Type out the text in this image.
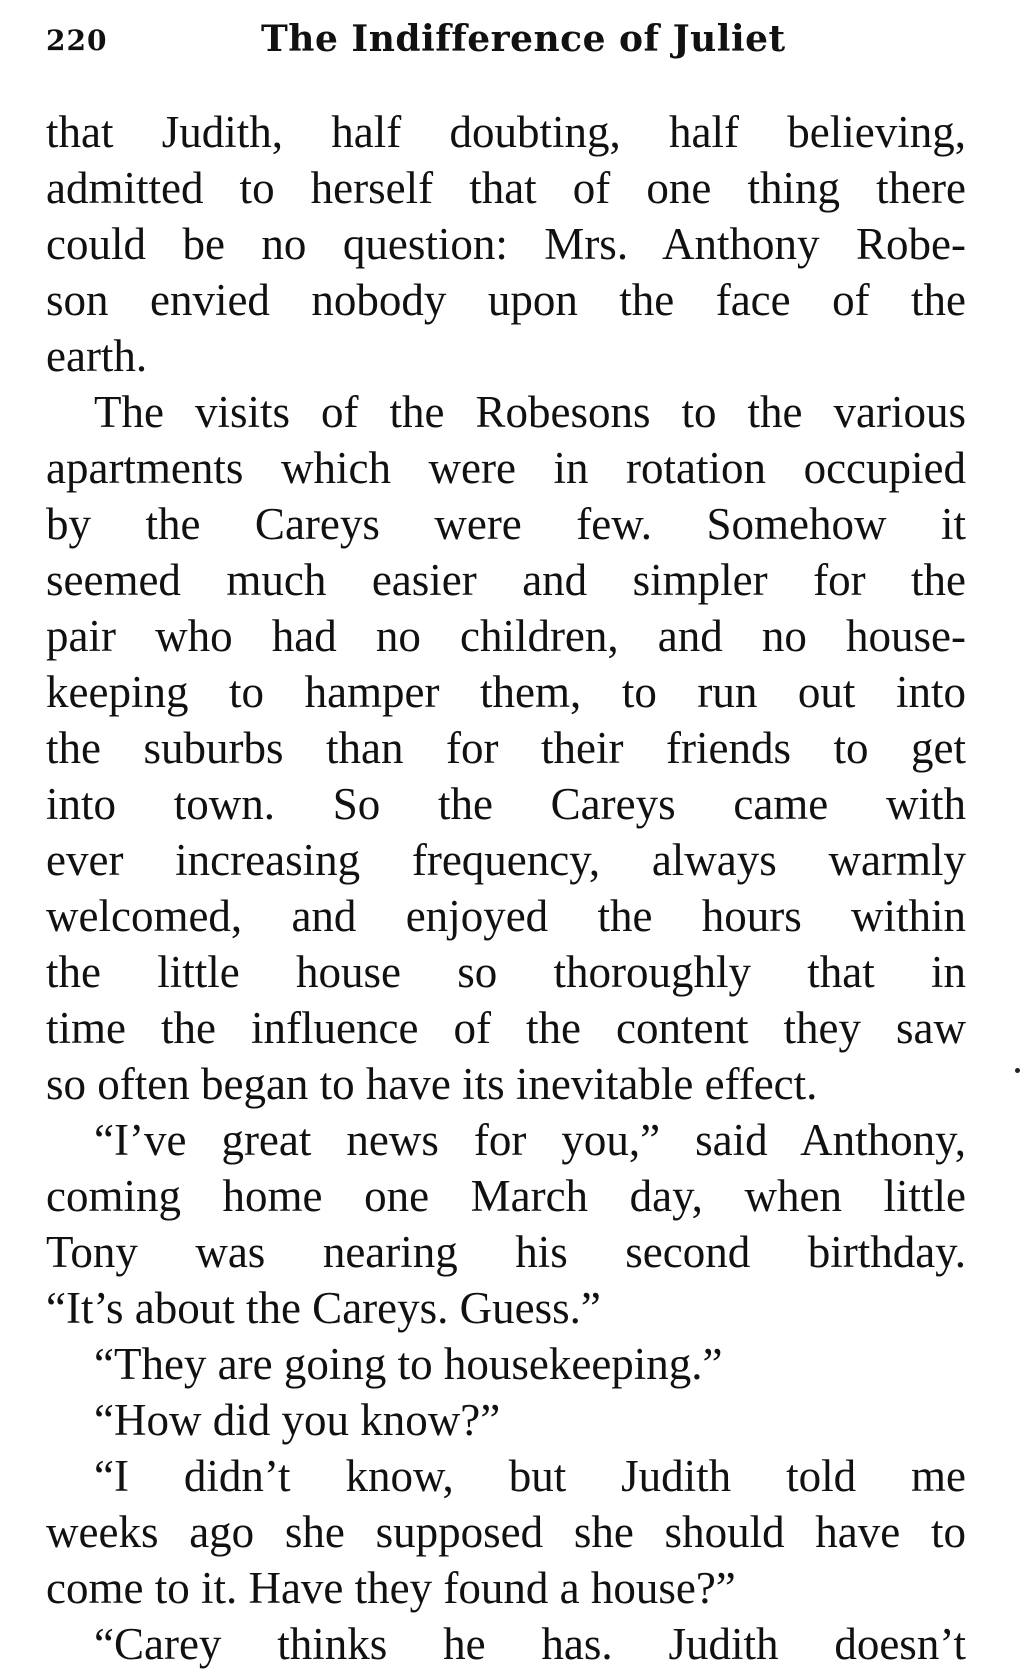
220	The Indifference of Juliet
that Judith, half doubting, half believing,
admitted to herself that of one thing there
could be no question: Mrs. Anthony Robe-
son envied nobody upon the face of the
earth.
The visits of the Robesons to the various
apartments which were in rotation occupied
by the Careys were few. Somehow it
seemed much easier and simpler for the
pair who had no children, and no house-
keeping to hamper them, to run out into
the suburbs than for their friends to get
into town. So the Careys came with
ever increasing frequency, always warmly
welcomed, and enjoyed the hours within
the little house so thoroughly that in
time the influence of the content they saw
so often began to have its inevitable effect.
“I’ve great news for you,” said Anthony,
coming home one March day, when little
Tony was nearing his second birthday.
“It’s about the Careys. Guess.”
“They are going to housekeeping.”
“How did you know?”
“I didn’t know, but Judith told me
weeks ago she supposed she should have to
come to it. Have they found a house?”
“Carey thinks he has. Judith doesn’t
